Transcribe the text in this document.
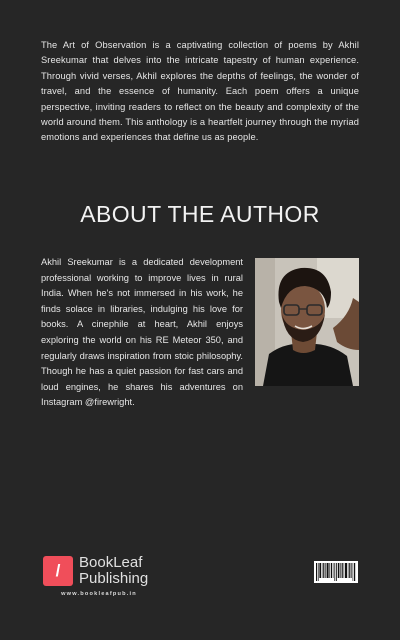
The Art of Observation is a captivating collection of poems by Akhil Sreekumar that delves into the intricate tapestry of human experience. Through vivid verses, Akhil explores the depths of feelings, the wonder of travel, and the essence of humanity. Each poem offers a unique perspective, inviting readers to reflect on the beauty and complexity of the world around them. This anthology is a heartfelt journey through the myriad emotions and experiences that define us as people.
ABOUT THE AUTHOR
Akhil Sreekumar is a dedicated development professional working to improve lives in rural India. When he's not immersed in his work, he finds solace in libraries, indulging his love for books. A cinephile at heart, Akhil enjoys exploring the world on his RE Meteor 350, and regularly draws inspiration from stoic philosophy. Though he has a quiet passion for fast cars and loud engines, he shares his adventures on Instagram @firewright.
/	BookLeaf
Publishing
www.bookleafpub.in
